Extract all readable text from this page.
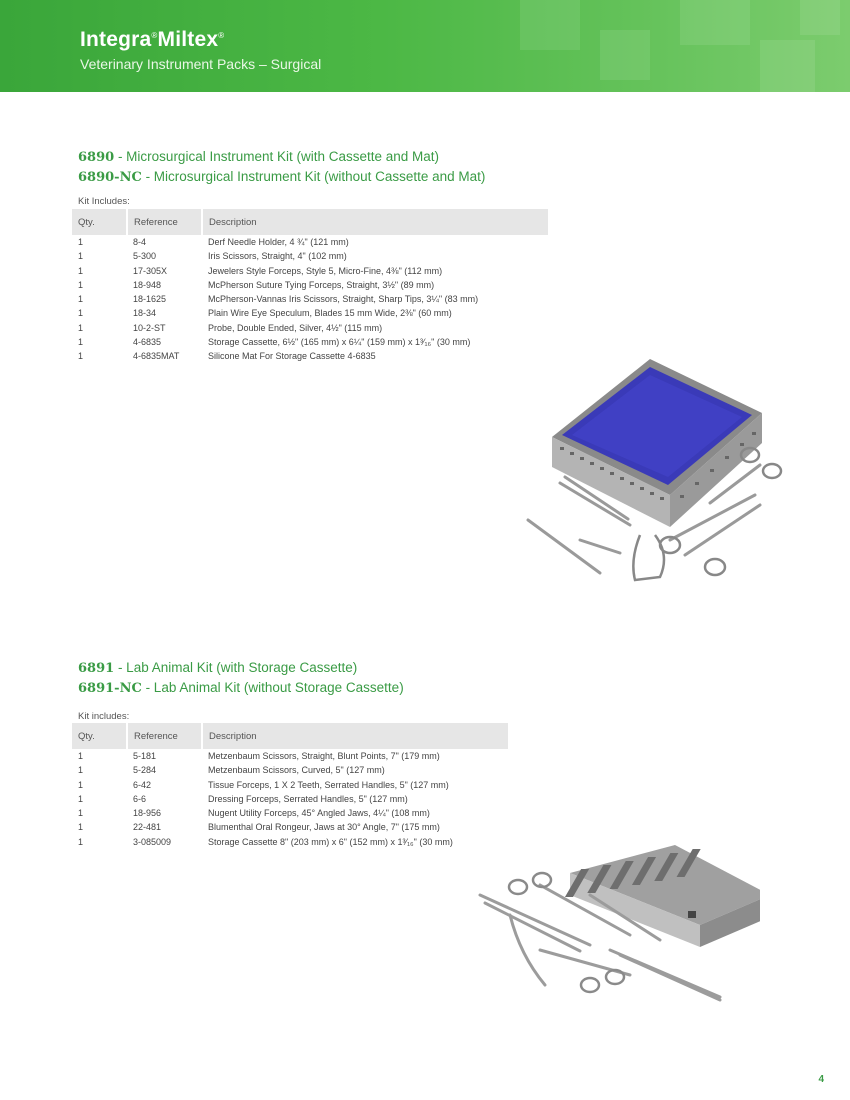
Integra®Miltex®
Veterinary Instrument Packs – Surgical
6890 - Microsurgical Instrument Kit (with Cassette and Mat)
6890-NC - Microsurgical Instrument Kit (without Cassette and Mat)
Kit Includes:
Qty.	Reference	Description
1	8-4	Derf Needle Holder, 4 ¾" (121 mm)
1	5-300	Iris Scissors, Straight, 4" (102 mm)
1	17-305X	Jewelers Style Forceps, Style 5, Micro-Fine, 4⅜" (112 mm)
1	18-948	McPherson Suture Tying Forceps, Straight, 3½" (89 mm)
1	18-1625	McPherson-Vannas Iris Scissors, Straight, Sharp Tips, 3¼" (83 mm)
1	18-34	Plain Wire Eye Speculum, Blades 15 mm Wide, 2⅜" (60 mm)
1	10-2-ST	Probe, Double Ended, Silver, 4½" (115 mm)
1	4-6835	Storage Cassette, 6½" (165 mm) x 6¼" (159 mm) x 1³⁄₁₆" (30 mm)
1	4-6835MAT	Silicone Mat For Storage Cassette 4-6835
6891 - Lab Animal Kit (with Storage Cassette)
6891-NC - Lab Animal Kit (without Storage Cassette)
Kit includes:
Qty.	Reference	Description
1	5-181	Metzenbaum Scissors, Straight, Blunt Points, 7" (179 mm)
1	5-284	Metzenbaum Scissors, Curved, 5" (127 mm)
1	6-42	Tissue Forceps, 1 X 2 Teeth, Serrated Handles, 5" (127 mm)
1	6-6	Dressing Forceps, Serrated Handles, 5" (127 mm)
1	18-956	Nugent Utility Forceps, 45° Angled Jaws, 4¼" (108 mm)
1	22-481	Blumenthal Oral Rongeur, Jaws at 30° Angle, 7" (175 mm)
1	3-085009	Storage Cassette 8" (203 mm) x 6" (152 mm) x 1³⁄₁₆" (30 mm)
4
